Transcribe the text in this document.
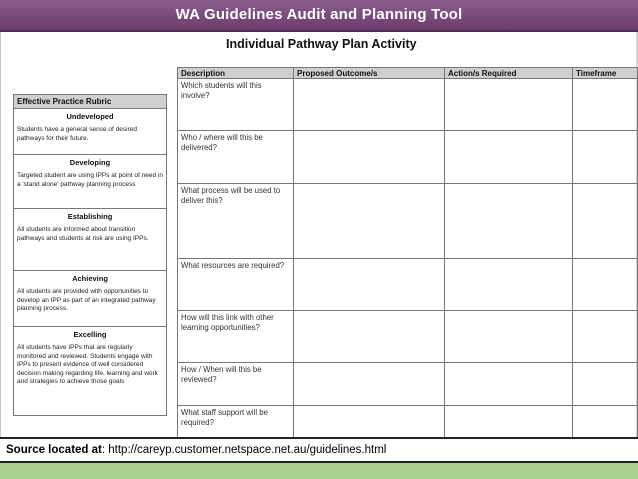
WA Guidelines Audit and Planning Tool
Individual Pathway Plan Activity
Effective Practice Rubric
Undeveloped
Students have a general sense of desired pathways for their future.
Developing
Targeted student are using IPPs at point of need in a 'stand alone' pathway planning process
Establishing
All students are informed about transition pathways and students at risk are using IPPs.
Achieving
All students are provided with opportunities to develop an IPP as part of an integrated pathway planning process.
Excelling
All students have IPPs that are regularly monitored and reviewed. Students engage with IPPs to present evidence of well considered decision making regarding life, learning and work and strategies to achieve those goals
Description	Proposed Outcome/s	Action/s Required	Timeframe
Which students will this involve?			
Who / where will this be delivered?			
What process will be used to deliver this?			
What resources are required?			
How will this link with other learning opportunities?			
How / When will this be reviewed?			
What staff support will be required?			
Source located at: http://careyp.customer.netspace.net.au/guidelines.html
